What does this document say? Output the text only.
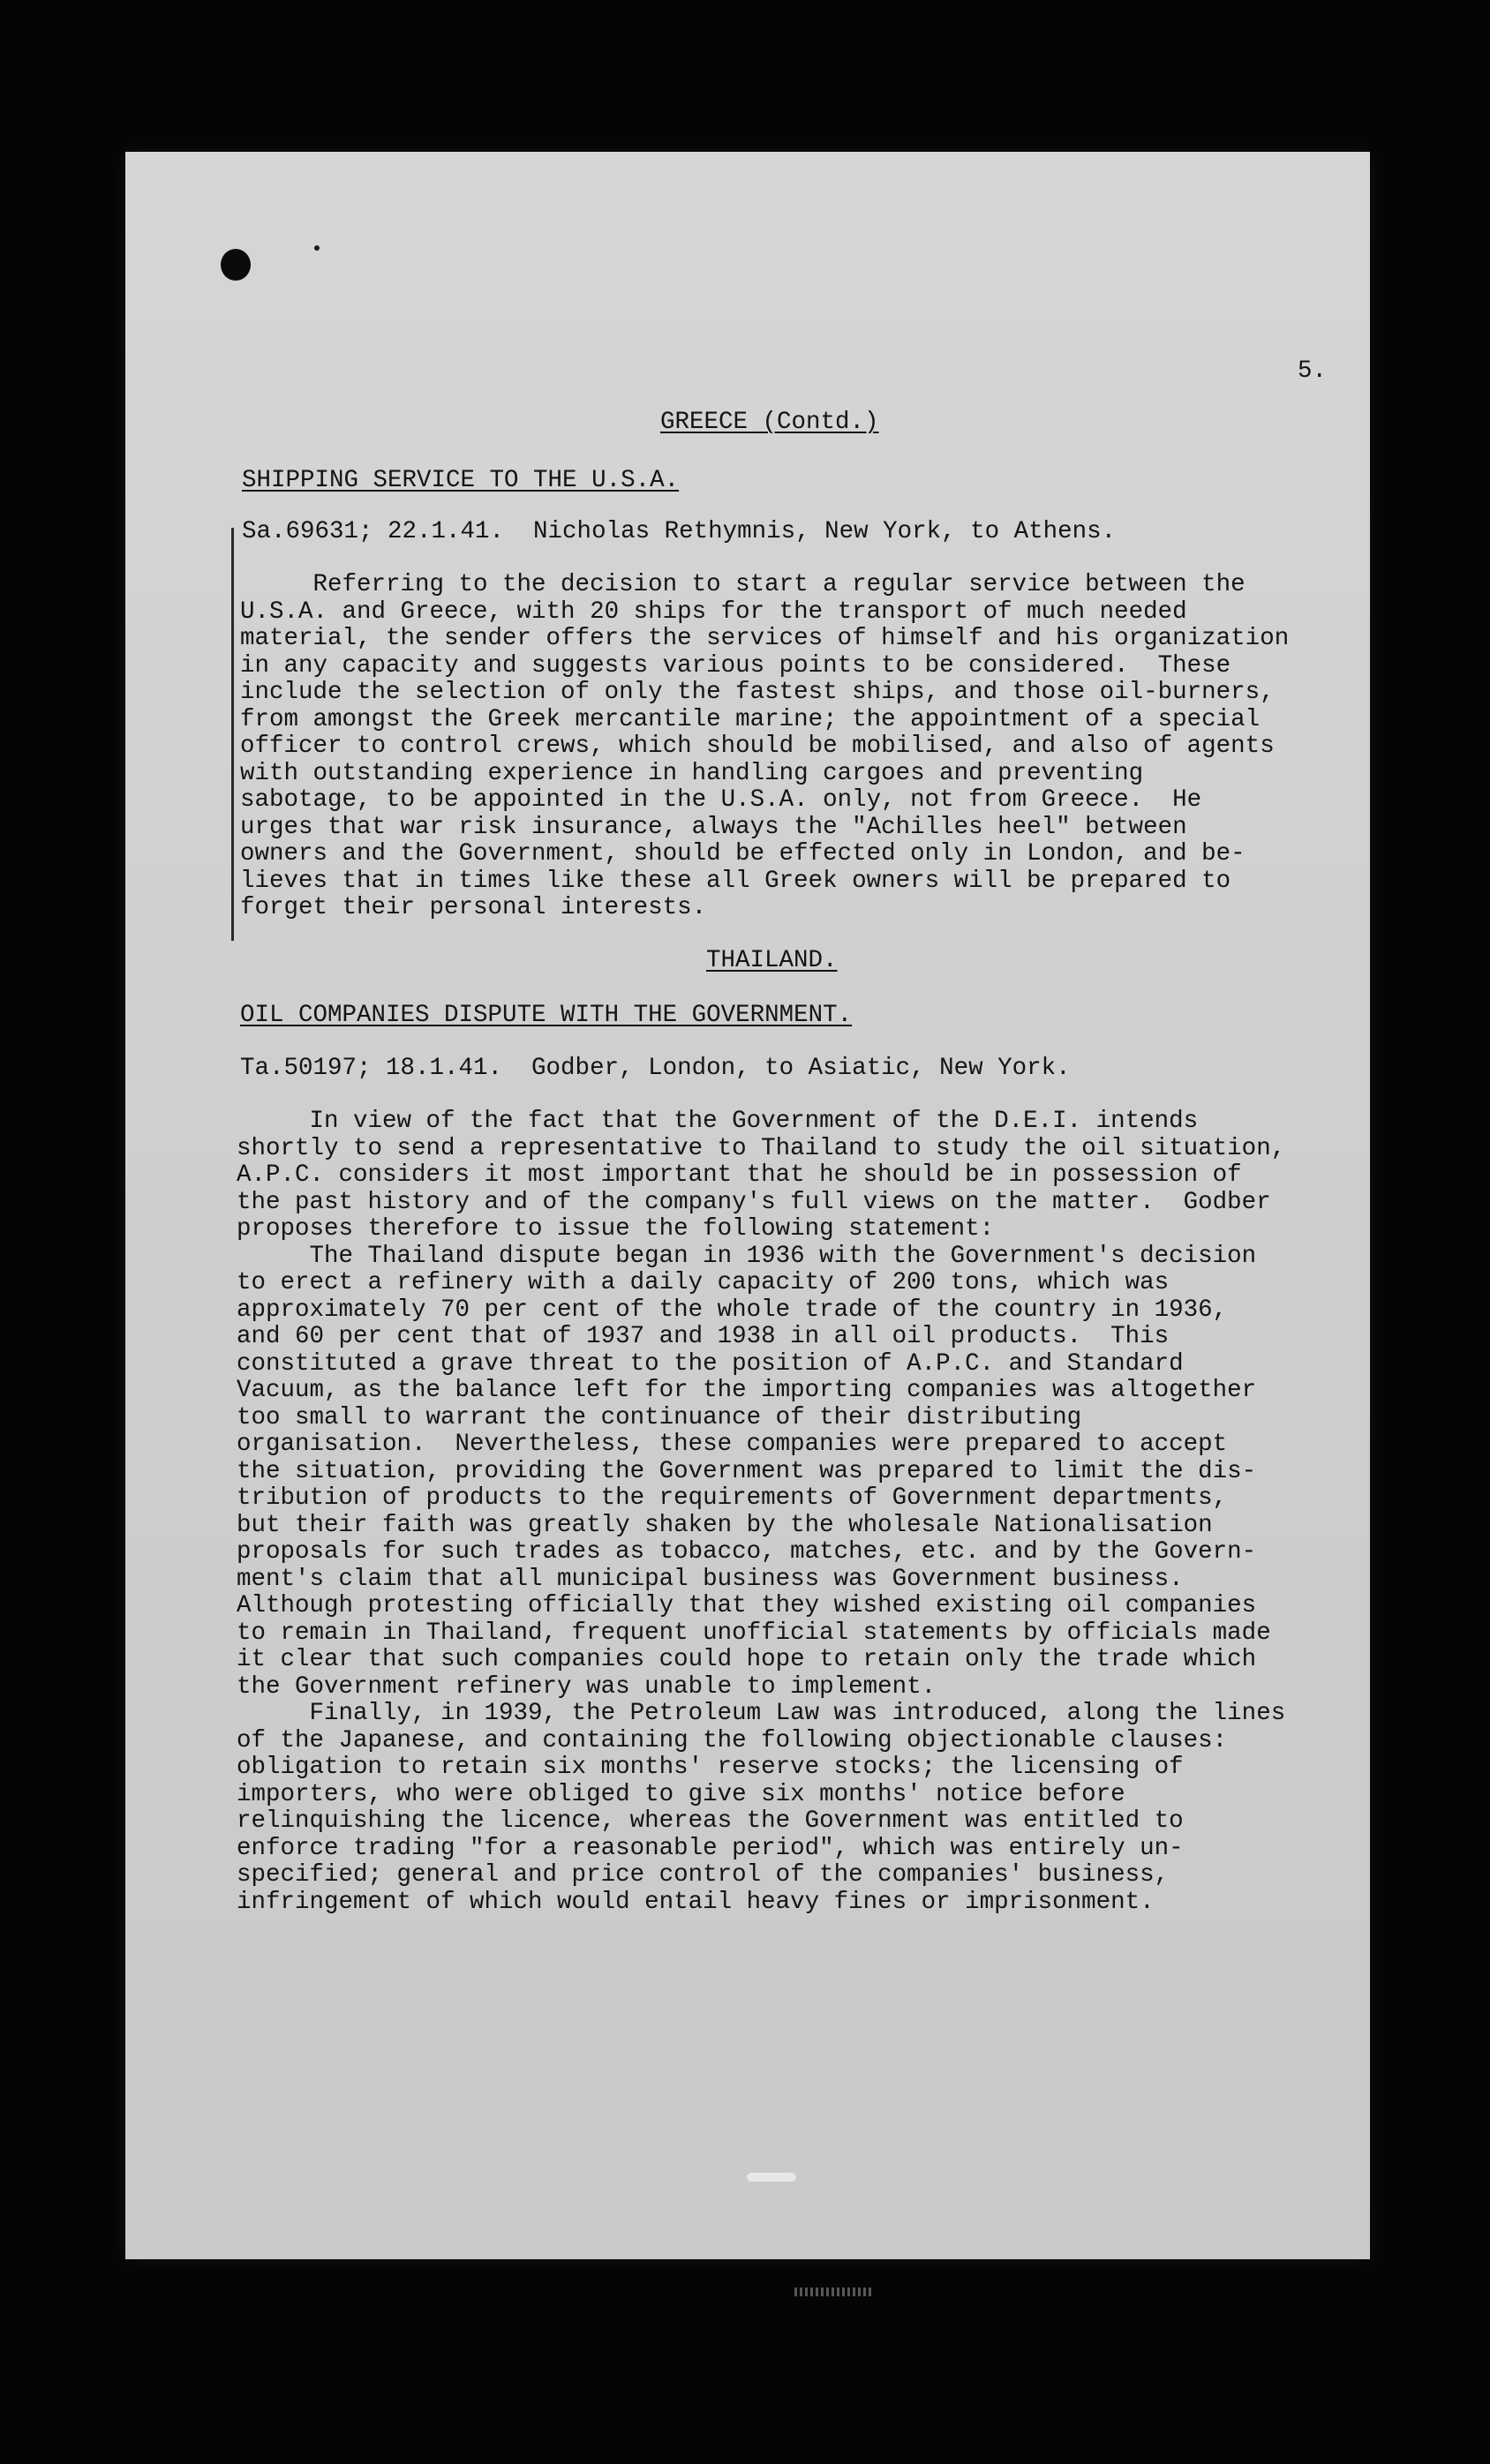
5.

GREECE (Contd.)

SHIPPING SERVICE TO THE U.S.A.

Sa.69631; 22.1.41.  Nicholas Rethymnis, New York, to Athens.

Referring to the decision to start a regular service between the
U.S.A. and Greece, with 20 ships for the transport of much needed
material, the sender offers the services of himself and his organization
in any capacity and suggests various points to be considered.  These
include the selection of only the fastest ships, and those oil-burners,
from amongst the Greek mercantile marine; the appointment of a special
officer to control crews, which should be mobilised, and also of agents
with outstanding experience in handling cargoes and preventing
sabotage, to be appointed in the U.S.A. only, not from Greece.  He
urges that war risk insurance, always the "Achilles heel" between
owners and the Government, should be effected only in London, and be-
lieves that in times like these all Greek owners will be prepared to
forget their personal interests.

THAILAND.

OIL COMPANIES DISPUTE WITH THE GOVERNMENT.

Ta.50197; 18.1.41.  Godber, London, to Asiatic, New York.

In view of the fact that the Government of the D.E.I. intends
shortly to send a representative to Thailand to study the oil situation,
A.P.C. considers it most important that he should be in possession of
the past history and of the company's full views on the matter.  Godber
proposes therefore to issue the following statement:
The Thailand dispute began in 1936 with the Government's decision
to erect a refinery with a daily capacity of 200 tons, which was
approximately 70 per cent of the whole trade of the country in 1936,
and 60 per cent that of 1937 and 1938 in all oil products.  This
constituted a grave threat to the position of A.P.C. and Standard
Vacuum, as the balance left for the importing companies was altogether
too small to warrant the continuance of their distributing
organisation.  Nevertheless, these companies were prepared to accept
the situation, providing the Government was prepared to limit the dis-
tribution of products to the requirements of Government departments,
but their faith was greatly shaken by the wholesale Nationalisation
proposals for such trades as tobacco, matches, etc. and by the Govern-
ment's claim that all municipal business was Government business.
Although protesting officially that they wished existing oil companies
to remain in Thailand, frequent unofficial statements by officials made
it clear that such companies could hope to retain only the trade which
the Government refinery was unable to implement.
Finally, in 1939, the Petroleum Law was introduced, along the lines
of the Japanese, and containing the following objectionable clauses:
obligation to retain six months' reserve stocks; the licensing of
importers, who were obliged to give six months' notice before
relinquishing the licence, whereas the Government was entitled to
enforce trading "for a reasonable period", which was entirely un-
specified; general and price control of the companies' business,
infringement of which would entail heavy fines or imprisonment.
